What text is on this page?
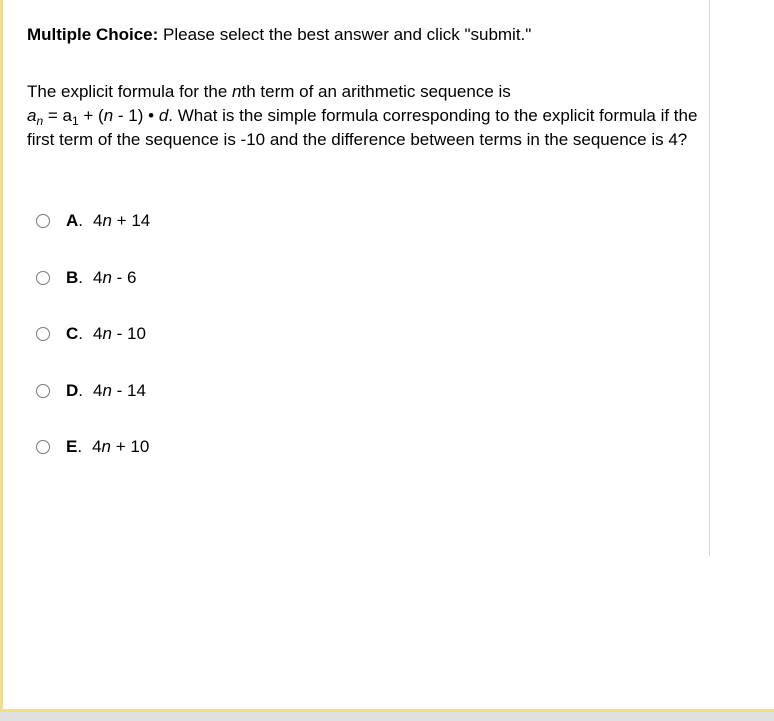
Multiple Choice: Please select the best answer and click "submit."
The explicit formula for the nth term of an arithmetic sequence is
$a_n = a_1 + (n - 1)$ • d. What is the simple formula corresponding to the explicit formula if the first term of the sequence is -10 and the difference between terms in the sequence is 4?
A . 4n + 14
B . 4n - 6
C . 4n - 10
D . 4n - 14
E . 4n + 10
